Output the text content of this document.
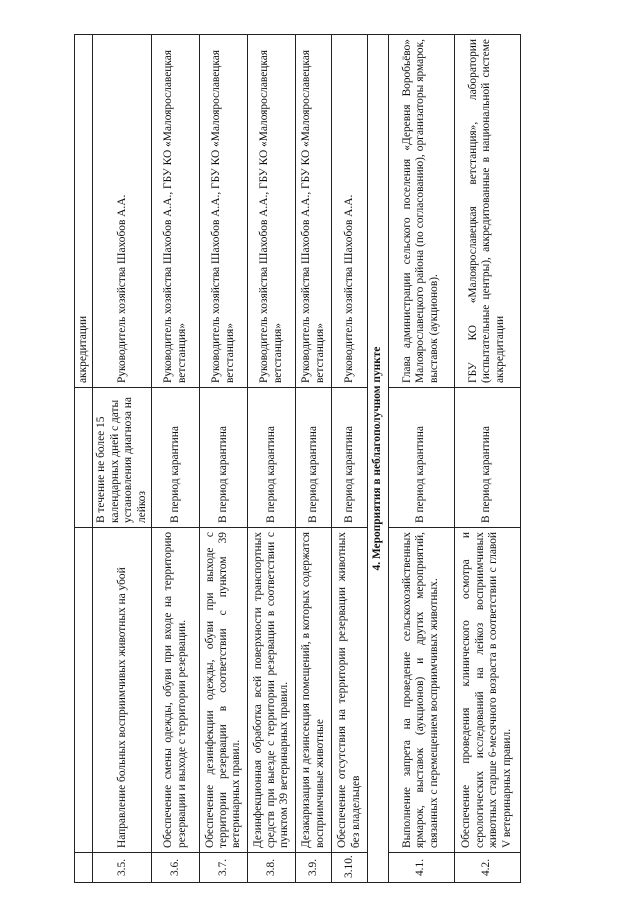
			аккредитации
3.5.	Направление больных восприимчивых животных на убой	В течение не более 15 календарных дней с даты установления диагноза на лейкоз	Руководитель хозяйства Шахобов А.А.
3.6.	Обеспечение смены одежды, обуви при входе на территорию резервации и выходе с территории резервации.	В период карантина	Руководитель хозяйства Шахобов А.А., ГБУ КО «Малоярославецкая ветстанция»
3.7.	Обеспечение дезинфекции одежды, обуви при выходе с территории резервации в соответствии с пунктом 39 ветеринарных правил.	В период карантина	Руководитель хозяйства Шахобов А.А., ГБУ КО «Малоярославецкая ветстанция»
3.8.	Дезинфекционная обработка всей поверхности транспортных средств при выезде с территории резервации в соответствии с пунктом 39 ветеринарных правил.	В период карантина	Руководитель хозяйства Шахобов А.А., ГБУ КО «Малоярославецкая ветстанция»
3.9.	Дезакаризация и дезинсекция помещений, в которых содержатся восприимчивые животные	В период карантина	Руководитель хозяйства Шахобов А.А., ГБУ КО «Малоярославецкая ветстанция»
3.10.	Обеспечение отсутствия на территории резервации животных без владельцев	В период карантина	Руководитель хозяйства Шахобов А.А.
4. Мероприятия в неблагополучном пункте			
4.1.	Выполнение запрета на проведение сельскохозяйственных ярмарок, выставок (аукционов) и других мероприятий, связанных с перемещением восприимчивых животных.	В период карантина	Глава администрации сельского поселения «Деревня Воробьёво» Малоярославецкого района (по согласованию), организаторы ярмарок, выставок (аукционов).
4.2.	Обеспечение проведения клинического осмотра и серологических исследований на лейкоз восприимчивых животных старше 6-месячного возраста в соответствии с главой V ветеринарных правил.	В период карантина	ГБУ КО «Малоярославецкая ветстанция», лаборатории (испытательные центры), аккредитованные в национальной системе аккредитации
